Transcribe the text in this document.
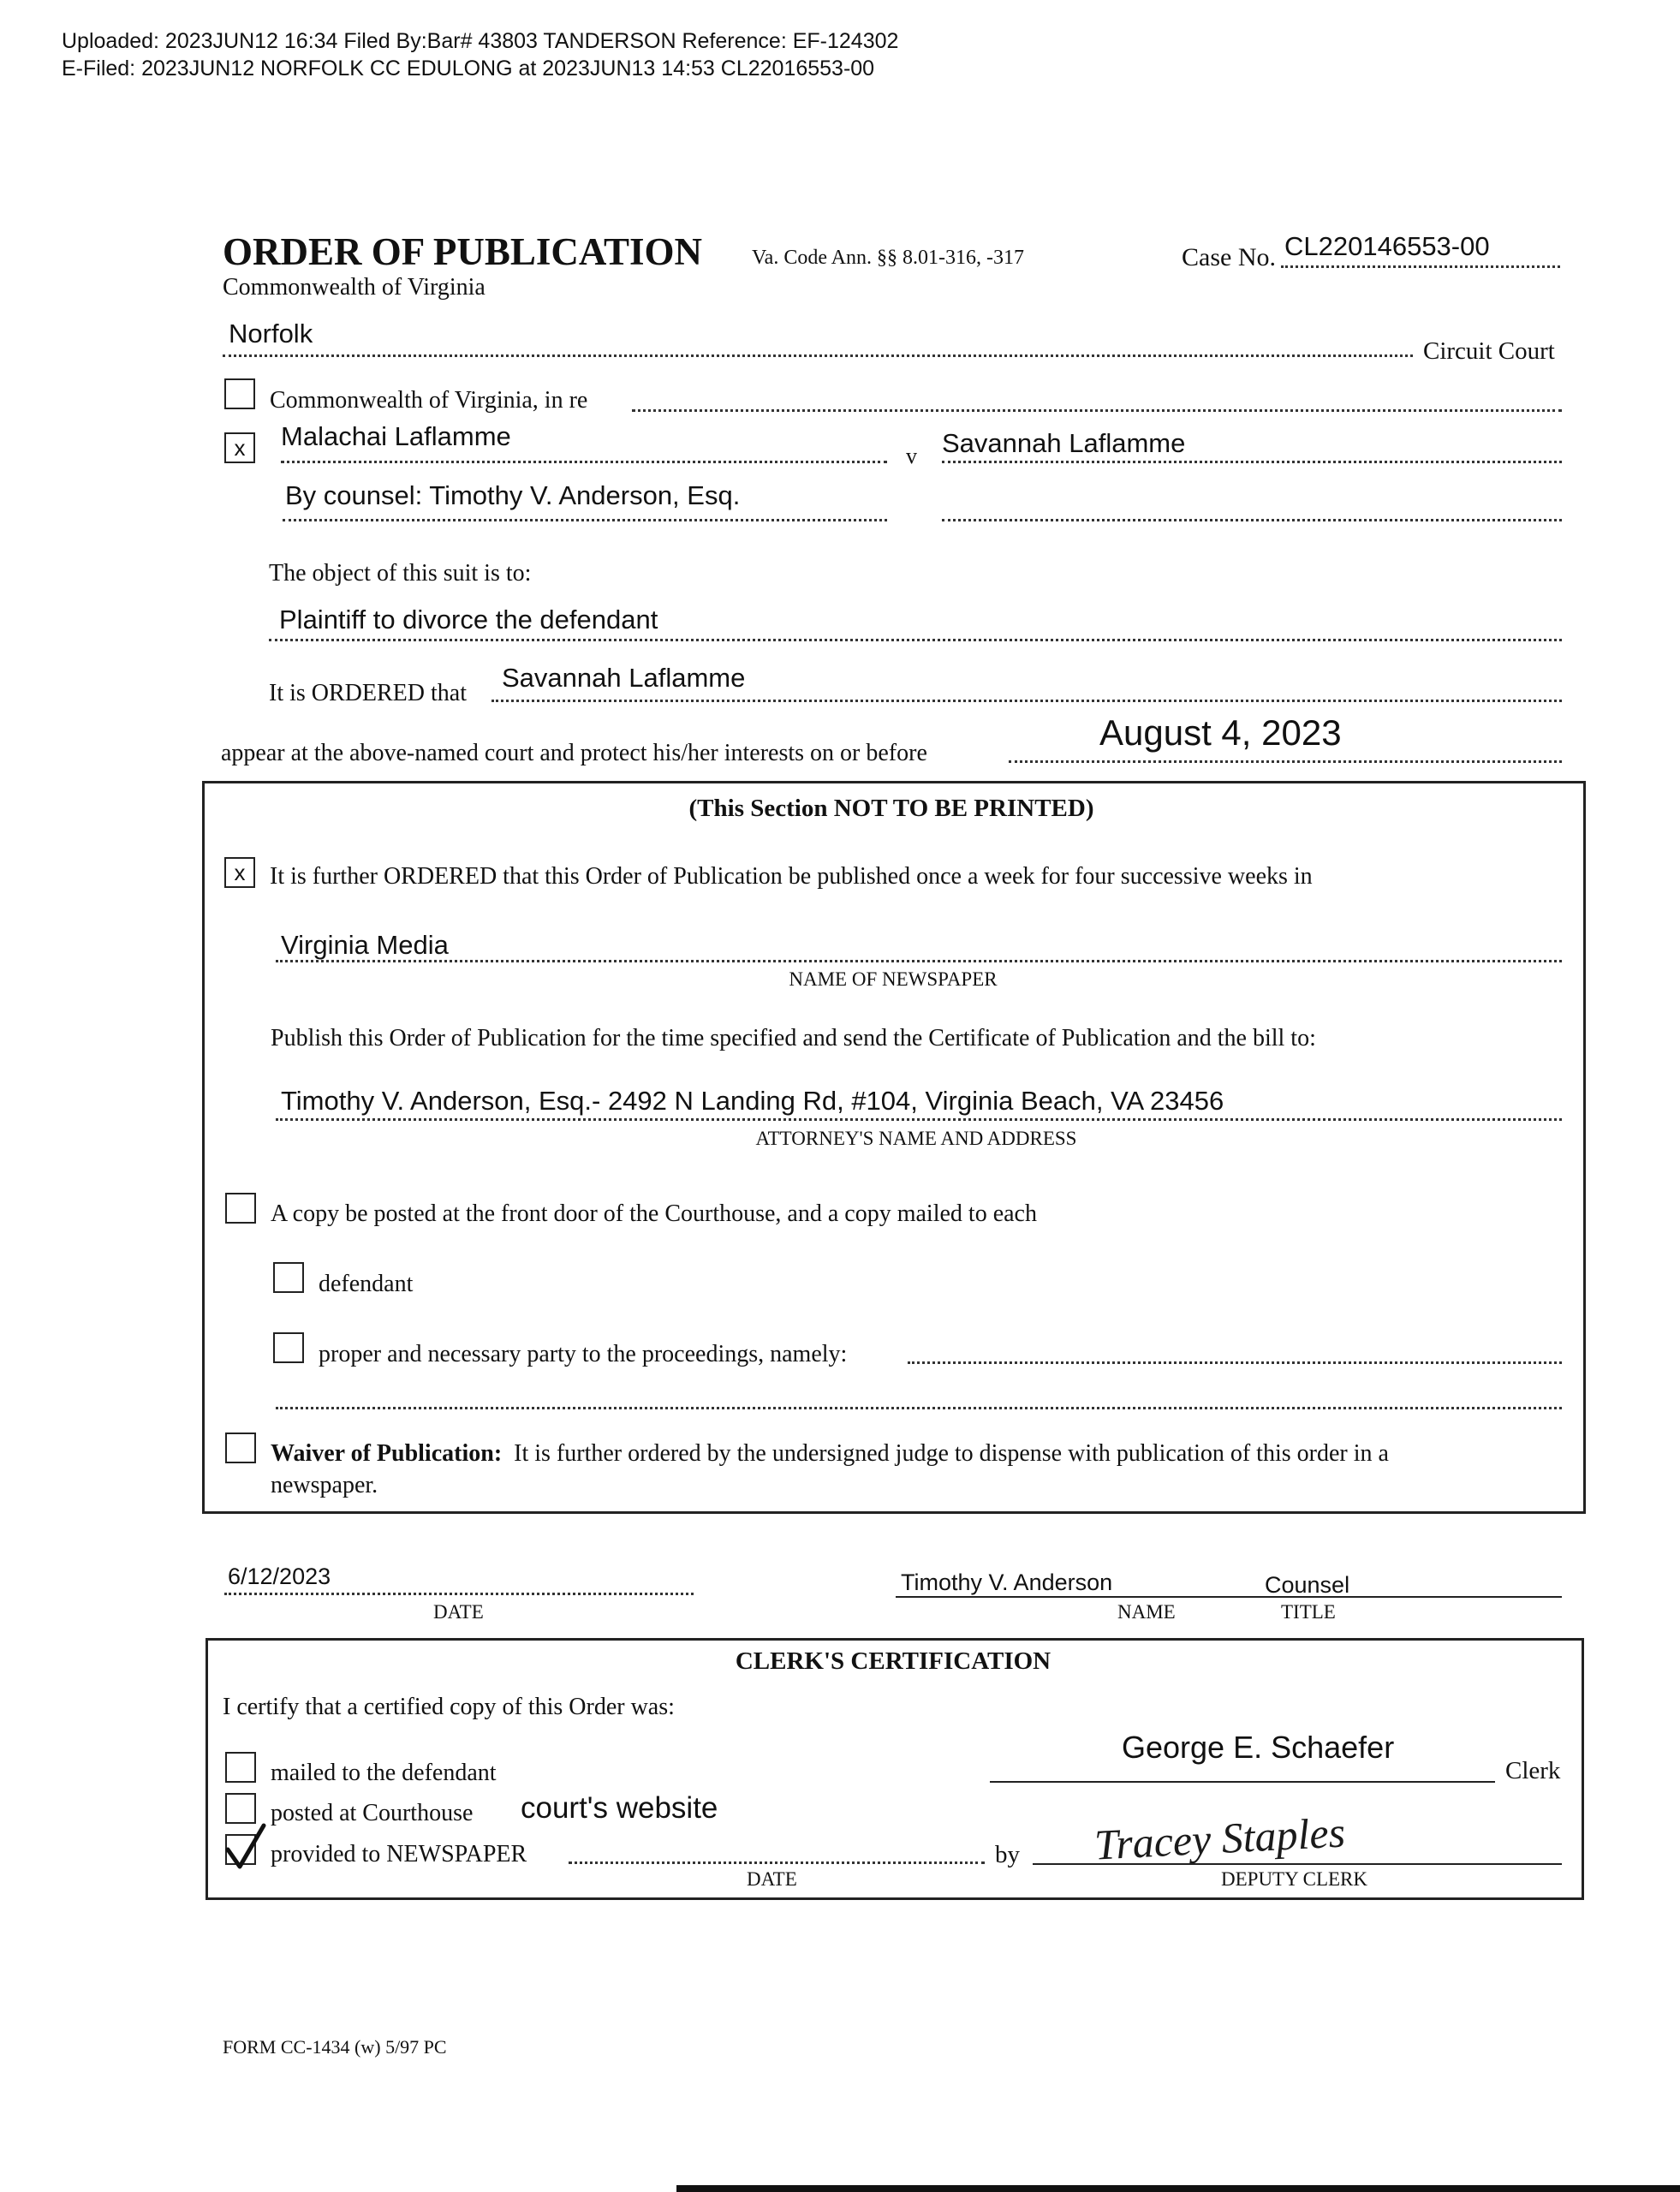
Uploaded: 2023JUN12 16:34 Filed By:Bar# 43803 TANDERSON Reference: EF-124302
E-Filed: 2023JUN12 NORFOLK CC EDULONG at 2023JUN13 14:53 CL22016553-00
ORDER OF PUBLICATION Va. Code Ann. §§ 8.01-316, -317	Case No. CL220146553-00
Commonwealth of Virginia
Norfolk
Circuit Court
Commonwealth of Virginia, in re
x	Malachai Laflamme
v Savannah Laflamme
By counsel: Timothy V. Anderson, Esq.
The object of this suit is to:
Plaintiff to divorce the defendant
It is ORDERED that
Savannah Laflamme
appear at the above-named court and protect his/her interests on or before
August 4, 2023
(This Section NOT TO BE PRINTED)
x	It is further ORDERED that this Order of Publication be published once a week for four successive weeks in
Virginia Media
NAME OF NEWSPAPER
Publish this Order of Publication for the time specified and send the Certificate of Publication and the bill to:
Timothy V. Anderson, Esq.- 2492 N Landing Rd, #104, Virginia Beach, VA 23456
ATTORNEY'S NAME AND ADDRESS
A copy be posted at the front door of the Courthouse, and a copy mailed to each
defendant
proper and necessary party to the proceedings, namely:
Waiver of Publication: It is further ordered by the undersigned judge to dispense with publication of this order in a
newspaper.
6/12/2023
DATE
Timothy V. Anderson	Counsel
NAME	TITLE
CLERK'S CERTIFICATION
I certify that a certified copy of this Order was:
George E. Schaefer
Clerk
mailed to the defendant
posted at Courthouse court's website
provided to NEWSPAPER
DATE
by Tracey Staples
DEPUTY CLERK
FORM CC-1434 (w) 5/97 PC
